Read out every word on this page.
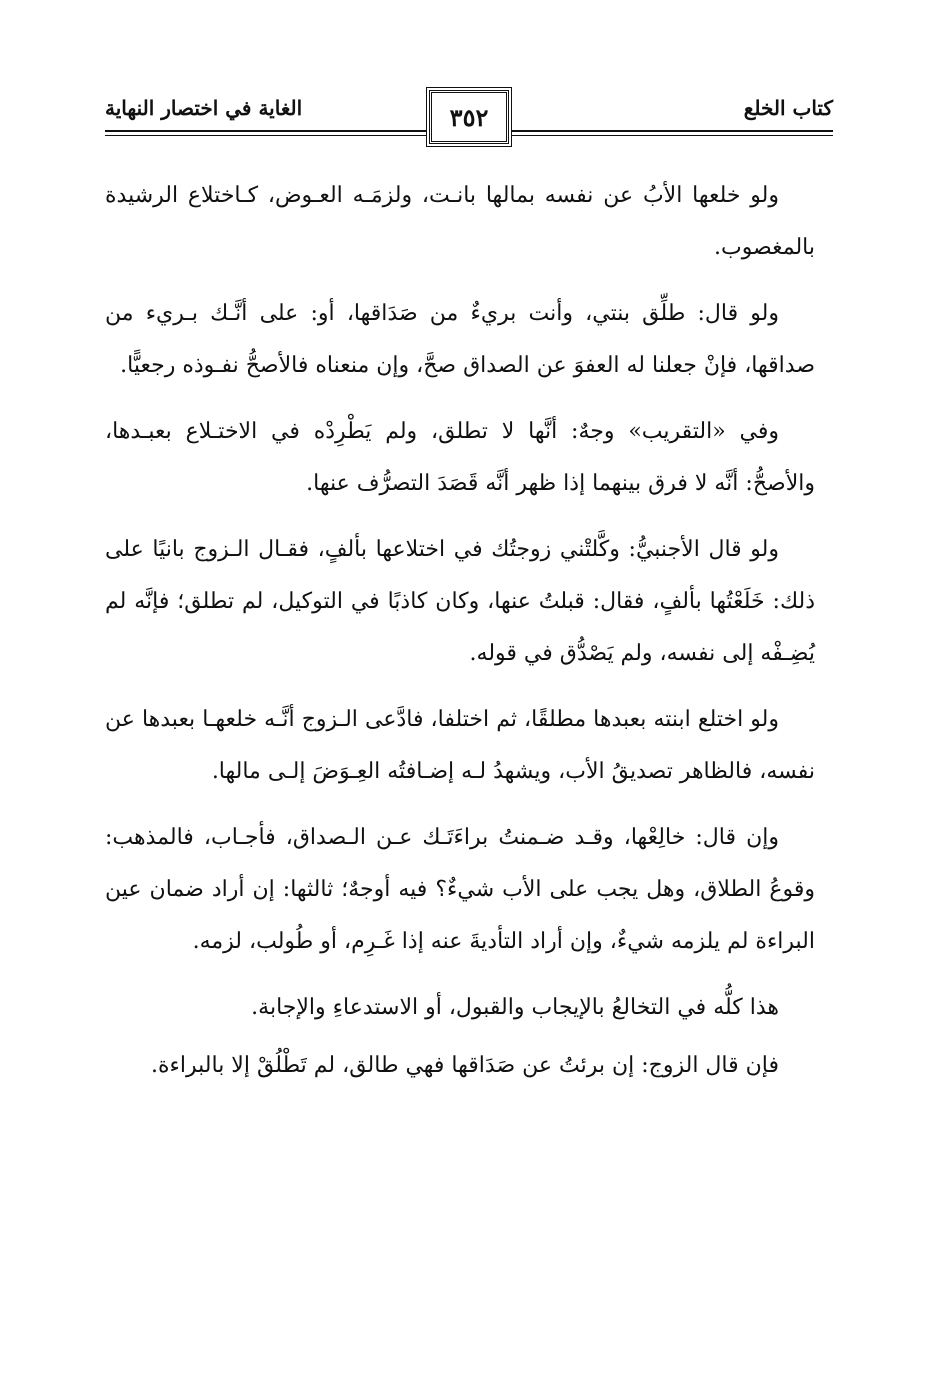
كتاب الخلع
الغاية في اختصار النهاية	٣٥٢

ولو خلعها الأبُ عن نفسه بمالها بانـت، ولزمَـه العـوض، كـاختلاع الرشيدة بالمغصوب.

ولو قال: طلِّق بنتي، وأنت بريءٌ من صَدَاقها، أو: على أنَّـك بـريء من صداقها، فإنْ جعلنا له العفوَ عن الصداق صحَّ، وإن منعناه فالأصحُّ نفـوذه رجعيًّا.

وفي «التقريب» وجهٌ: أنَّها لا تطلق، ولم يَطْرِدْه في الاختـلاع بعبـدها، والأصحُّ: أنَّه لا فرق بينهما إذا ظهر أنَّه قَصَدَ التصرُّف عنها.

ولو قال الأجنبيُّ: وكَّلتْني زوجتُك في اختلاعها بألفٍ، فقـال الـزوج بانيًا على ذلك: خَلَعْتُها بألفٍ، فقال: قبلتُ عنها، وكان كاذبًا في التوكيل، لم تطلق؛ فإنَّه لم يُضِـفْه إلى نفسه، ولم يَصْدُّق في قوله.

ولو اختلع ابنته بعبدها مطلقًا، ثم اختلفا، فادَّعى الـزوج أنَّـه خلعهـا بعبدها عن نفسه، فالظاهر تصديقُ الأب، ويشهدُ لـه إضـافتُه العِـوَضَ إلـى مالها.

وإن قال: خالِعْها، وقـد ضـمنتُ براءَتَـك عـن الـصداق، فأجـاب، فالمذهب: وقوعُ الطلاق، وهل يجب على الأب شيءٌ؟ فيه أوجهٌ؛ ثالثها: إن أراد ضمان عين البراءة لم يلزمه شيءٌ، وإن أراد التأديةَ عنه إذا غَـرِم، أو طُولب، لزمه.

هذا كلُّه في التخالعُ بالإيجاب والقبول، أو الاستدعاءِ والإجابة.

فإن قال الزوج: إن برئتُ عن صَدَاقها فهي طالق، لم تَطْلُقْ إلا بالبراءة.
